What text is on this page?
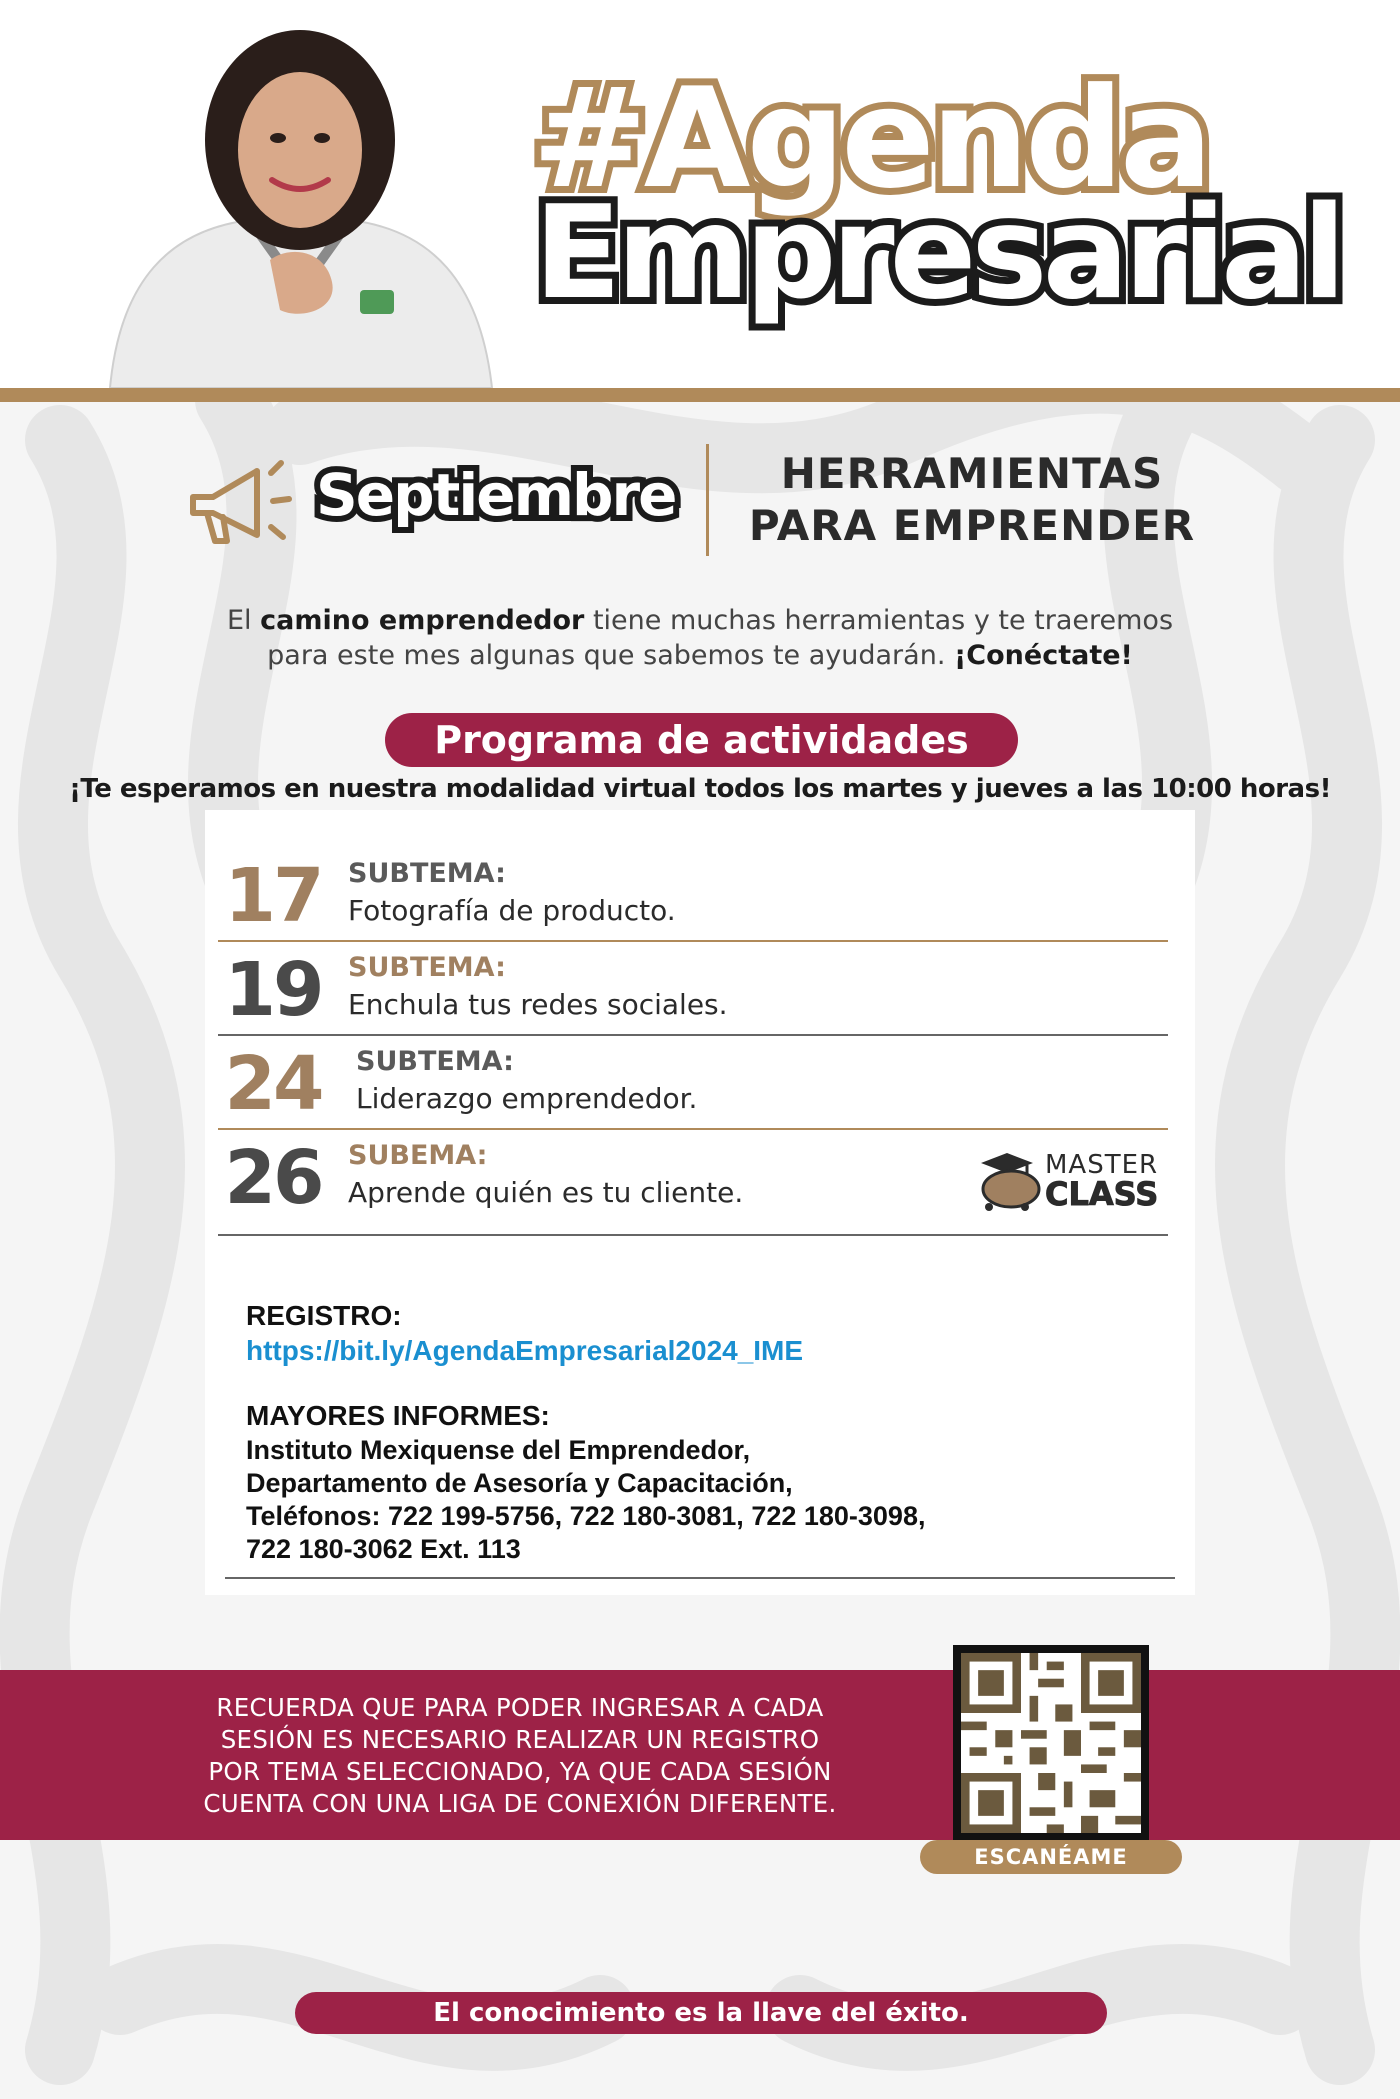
#Agenda
Empresarial
Septiembre	HERRAMIENTAS
PARA EMPRENDER
El camino emprendedor tiene muchas herramientas y te traeremos
para este mes algunas que sabemos te ayudarán. ¡Conéctate!
Programa de actividades
¡Te esperamos en nuestra modalidad virtual todos los martes y jueves a las 10:00 horas!
17 SUBTEMA:
Fotografía de producto.
19 SUBTEMA:
Enchula tus redes sociales.
24 SUBTEMA:
Liderazgo emprendedor.
26 SUBEMA:
Aprende quién es tu cliente.
MASTER
CLASS
REGISTRO:
https://bit.ly/AgendaEmpresarial2024_IME
MAYORES INFORMES:
Instituto Mexiquense del Emprendedor,
Departamento de Asesoría y Capacitación,
Teléfonos: 722 199-5756, 722 180-3081, 722 180-3098,
722 180-3062 Ext. 113
RECUERDA QUE PARA PODER INGRESAR A CADA
SESIÓN ES NECESARIO REALIZAR UN REGISTRO
POR TEMA SELECCIONADO, YA QUE CADA SESIÓN
CUENTA CON UNA LIGA DE CONEXIÓN DIFERENTE.
ESCANÉAME
El conocimiento es la llave del éxito.
